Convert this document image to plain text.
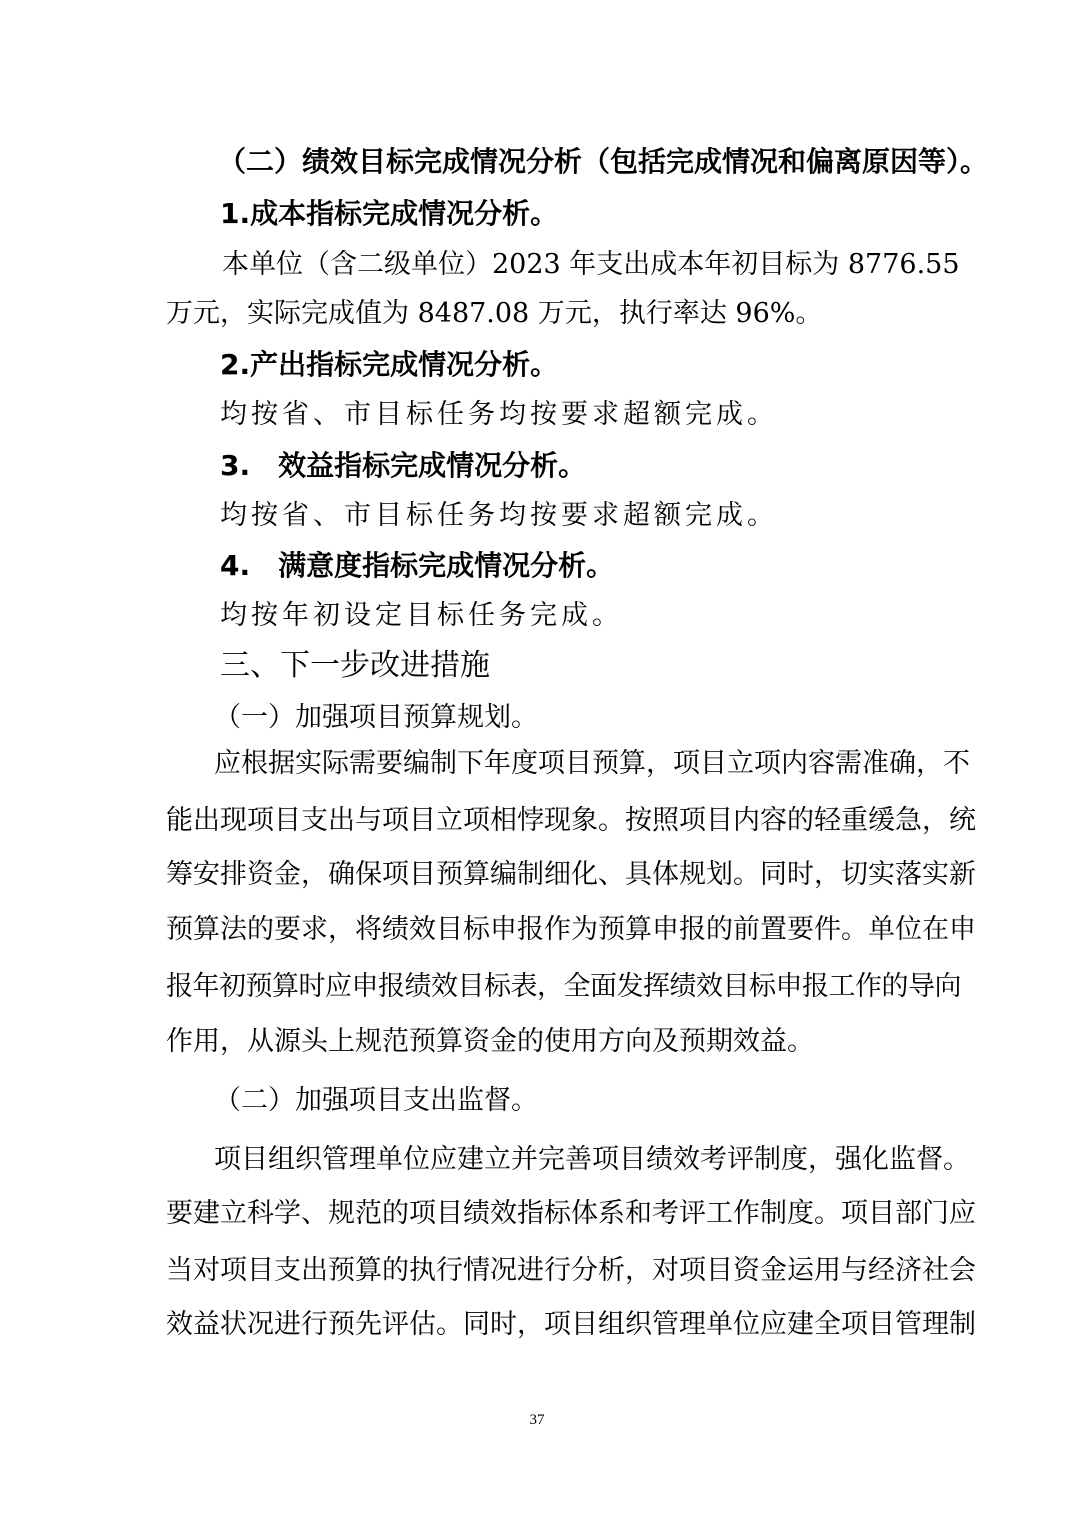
（二）绩效目标完成情况分析（包括完成情况和偏离原因等）。

1.成本指标完成情况分析。

本单位（含二级单位）2023 年支出成本年初目标为 8776.55

万元，实际完成值为 8487.08 万元，执行率达 96%。

2.产出指标完成情况分析。

均按省、市目标任务均按要求超额完成。

3.　效益指标完成情况分析。

均按省、市目标任务均按要求超额完成。

4.　满意度指标完成情况分析。

均按年初设定目标任务完成。

三、下一步改进措施

（一）加强项目预算规划。

应根据实际需要编制下年度项目预算，项目立项内容需准确，不

能出现项目支出与项目立项相悖现象。按照项目内容的轻重缓急，统

筹安排资金，确保项目预算编制细化、具体规划。同时，切实落实新

预算法的要求，将绩效目标申报作为预算申报的前置要件。单位在申

报年初预算时应申报绩效目标表，全面发挥绩效目标申报工作的导向

作用，从源头上规范预算资金的使用方向及预期效益。

（二）加强项目支出监督。

项目组织管理单位应建立并完善项目绩效考评制度，强化监督。

要建立科学、规范的项目绩效指标体系和考评工作制度。项目部门应

当对项目支出预算的执行情况进行分析，对项目资金运用与经济社会

效益状况进行预先评估。同时，项目组织管理单位应建全项目管理制

37
